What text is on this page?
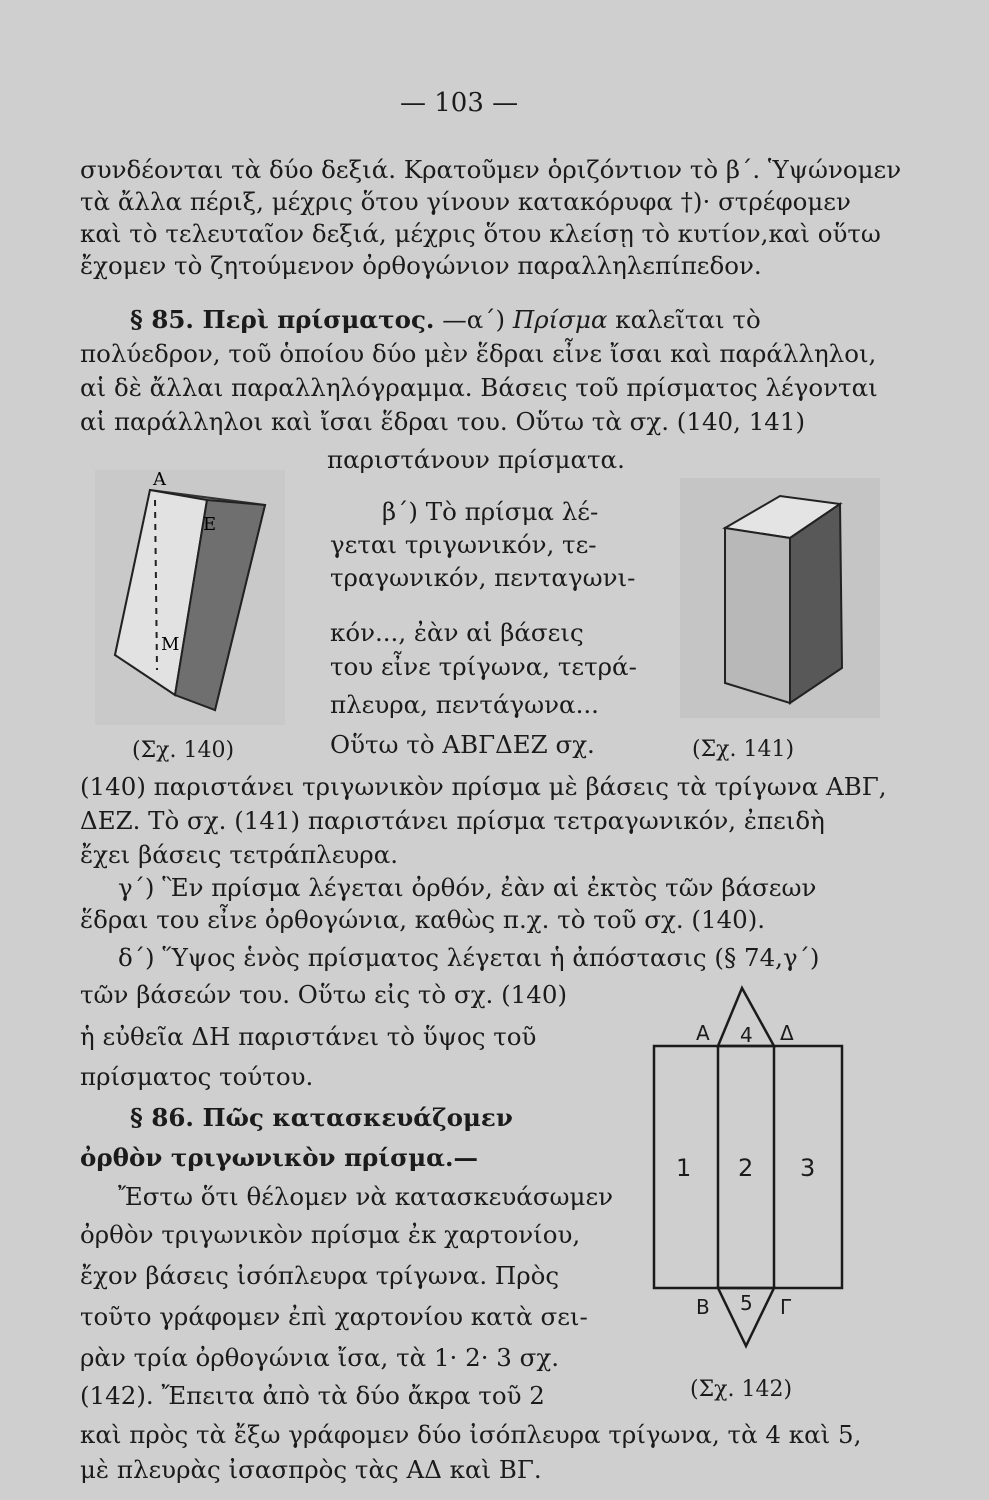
— 103 —
συνδέονται τὰ δύο δεξιά. Κρατοῦμεν ὁριζόντιον τὸ β΄. Ὑψώνομεν
τὰ ἄλλα πέριξ, μέχρις ὅτου γίνουν κατακόρυφα †)· στρέφομεν
καὶ τὸ τελευταῖον δεξιά, μέχρις ὅτου κλείσῃ τὸ κυτίον,καὶ οὕτω
ἔχομεν τὸ ζητούμενον ὀρθογώνιον παραλληλεπίπεδον.
§ 85. Περὶ πρίσματος. —α΄) Πρίσμα καλεῖται τὸ
πολύεδρον, τοῦ ὁποίου δύο μὲν ἕδραι εἶνε ἴσαι καὶ παράλληλοι,
αἱ δὲ ἄλλαι παραλληλόγραμμα. Βάσεις τοῦ πρίσματος λέγονται
αἱ παράλληλοι καὶ ἴσαι ἕδραι του. Οὕτω τὰ σχ. (140, 141)
παριστάνουν πρίσματα.
Α
Ε
Μ
β΄) Τὸ πρίσμα λέ-
γεται τριγωνικόν, τε-
τραγωνικόν, πενταγωνι-
κόν..., ἐὰν αἱ βάσεις
του εἶνε τρίγωνα, τετρά-
πλευρα, πεντάγωνα...
Οὕτω τὸ ΑΒΓΔΕΖ σχ.
(Σχ. 140)	(Σχ. 141)
(140) παριστάνει τριγωνικὸν πρίσμα μὲ βάσεις τὰ τρίγωνα ΑΒΓ,
ΔΕΖ. Τὸ σχ. (141) παριστάνει πρίσμα τετραγωνικόν, ἐπειδὴ
ἔχει βάσεις τετράπλευρα.
γ΄) Ἓν πρίσμα λέγεται ὀρθόν, ἐὰν αἱ ἐκτὸς τῶν βάσεων
ἕδραι του εἶνε ὀρθογώνια, καθὼς π.χ. τὸ τοῦ σχ. (140).
δ΄) Ὕψος ἑνὸς πρίσματος λέγεται ἡ ἀπόστασις (§ 74,γ΄)
τῶν βάσεών του. Οὕτω εἰς τὸ σχ. (140)
ἡ εὐθεῖα ΔΗ παριστάνει τὸ ὕψος τοῦ
πρίσματος τούτου.
§ 86. Πῶς κατασκευάζομεν
ὀρθὸν τριγωνικὸν πρίσμα.—
Ἔστω ὅτι θέλομεν νὰ κατασκευάσωμεν
ὀρθὸν τριγωνικὸν πρίσμα ἐκ χαρτονίου,
ἔχον βάσεις ἰσόπλευρα τρίγωνα. Πρὸς
τοῦτο γράφομεν ἐπὶ χαρτονίου κατὰ σει-
ρὰν τρία ὀρθογώνια ἴσα, τὰ 1· 2· 3 σχ.
(142). Ἔπειτα ἀπὸ τὰ δύο ἄκρα τοῦ 2
καὶ πρὸς τὰ ἔξω γράφομεν δύο ἰσόπλευρα τρίγωνα, τὰ 4 καὶ 5,
μὲ πλευρὰς ἰσασπρὸς τὰς ΑΔ καὶ ΒΓ.
Α	Δ
4
1 2 3
Β 5 Γ
(Σχ. 142)
